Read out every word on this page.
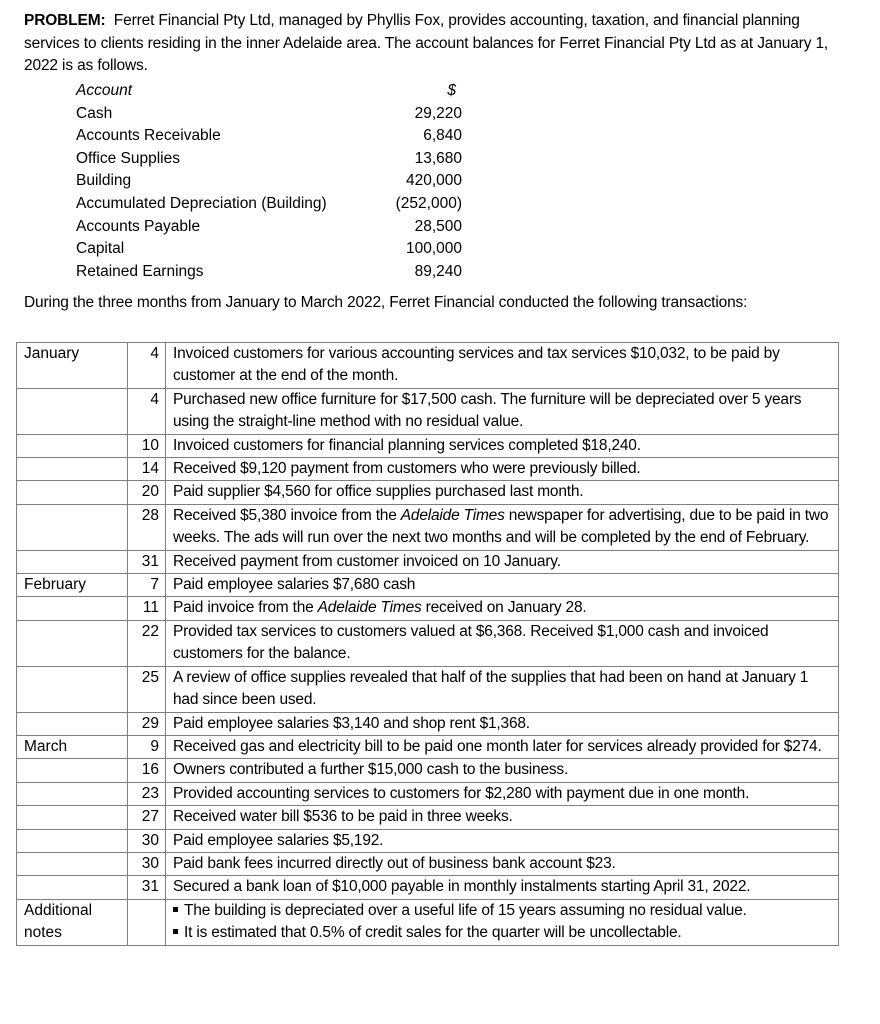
PROBLEM: Ferret Financial Pty Ltd, managed by Phyllis Fox, provides accounting, taxation, and financial planning services to clients residing in the inner Adelaide area. The account balances for Ferret Financial Pty Ltd as at January 1, 2022 is as follows.
Account	$
Cash	29,220
Accounts Receivable	6,840
Office Supplies	13,680
Building	420,000
Accumulated Depreciation (Building)	(252,000)
Accounts Payable	28,500
Capital	100,000
Retained Earnings	89,240
During the three months from January to March 2022, Ferret Financial conducted the following transactions:
January	4	Invoiced customers for various accounting services and tax services $10,032, to be paid by customer at the end of the month.
	4	Purchased new office furniture for $17,500 cash. The furniture will be depreciated over 5 years using the straight-line method with no residual value.
	10	Invoiced customers for financial planning services completed $18,240.
	14	Received $9,120 payment from customers who were previously billed.
	20	Paid supplier $4,560 for office supplies purchased last month.
	28	Received $5,380 invoice from the Adelaide Times newspaper for advertising, due to be paid in two weeks. The ads will run over the next two months and will be completed by the end of February.
	31	Received payment from customer invoiced on 10 January.
February	7	Paid employee salaries $7,680 cash
	11	Paid invoice from the Adelaide Times received on January 28.
	22	Provided tax services to customers valued at $6,368. Received $1,000 cash and invoiced customers for the balance.
	25	A review of office supplies revealed that half of the supplies that had been on hand at January 1 had since been used.
	29	Paid employee salaries $3,140 and shop rent $1,368.
March	9	Received gas and electricity bill to be paid one month later for services already provided for $274.
	16	Owners contributed a further $15,000 cash to the business.
	23	Provided accounting services to customers for $2,280 with payment due in one month.
	27	Received water bill $536 to be paid in three weeks.
	30	Paid employee salaries $5,192.
	30	Paid bank fees incurred directly out of business bank account $23.
	31	Secured a bank loan of $10,000 payable in monthly instalments starting April 31, 2022.
Additional notes		The building is depreciated over a useful life of 15 years assuming no residual value.
It is estimated that 0.5% of credit sales for the quarter will be uncollectable.
